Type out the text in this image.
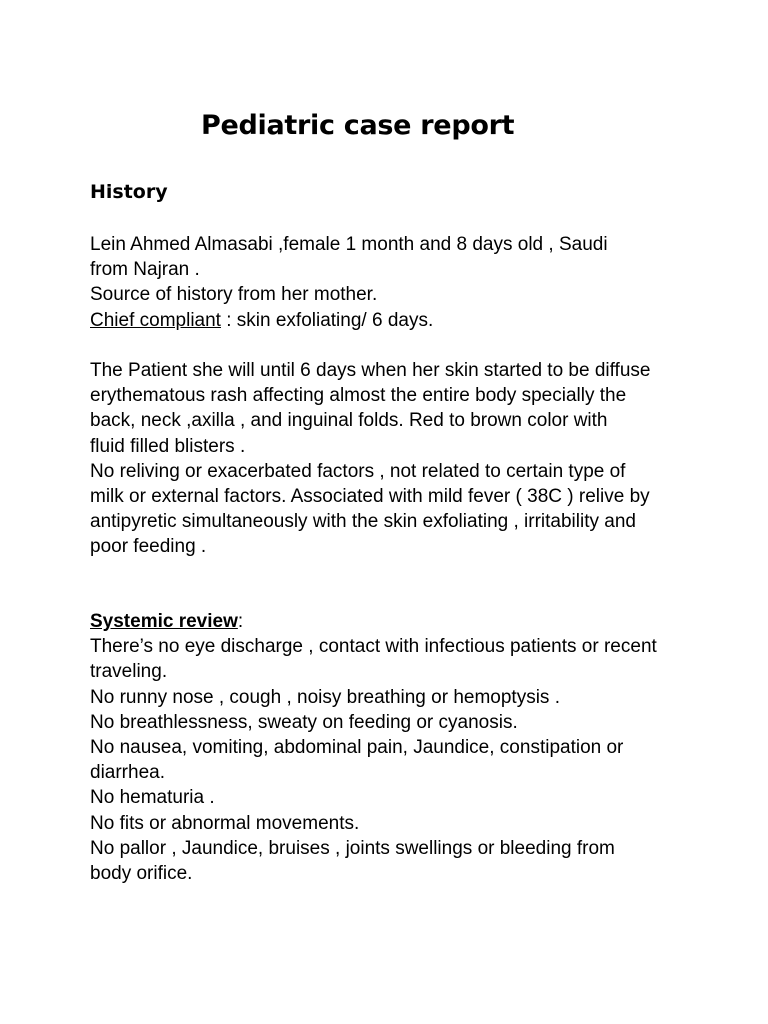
Pediatric case report
History
Lein Ahmed Almasabi ,female 1 month and 8 days old , Saudi
from Najran .
Source of history from her mother.
Chief compliant : skin exfoliating/ 6 days.
The Patient she will until 6 days when her skin started to be diffuse
erythematous rash affecting almost the entire body specially the
back, neck ,axilla , and inguinal folds. Red to brown color with
fluid filled blisters .
No reliving or exacerbated factors , not related to certain type of
milk or external factors. Associated with mild fever ( 38C ) relive by
antipyretic simultaneously with the skin exfoliating , irritability and
poor feeding .
Systemic review:
There’s no eye discharge , contact with infectious patients or recent
traveling.
No runny nose , cough , noisy breathing or hemoptysis .
No breathlessness, sweaty on feeding or cyanosis.
No nausea, vomiting, abdominal pain, Jaundice, constipation or
diarrhea.
No hematuria .
No fits or abnormal movements.
No pallor , Jaundice, bruises , joints swellings or bleeding from
body orifice.
